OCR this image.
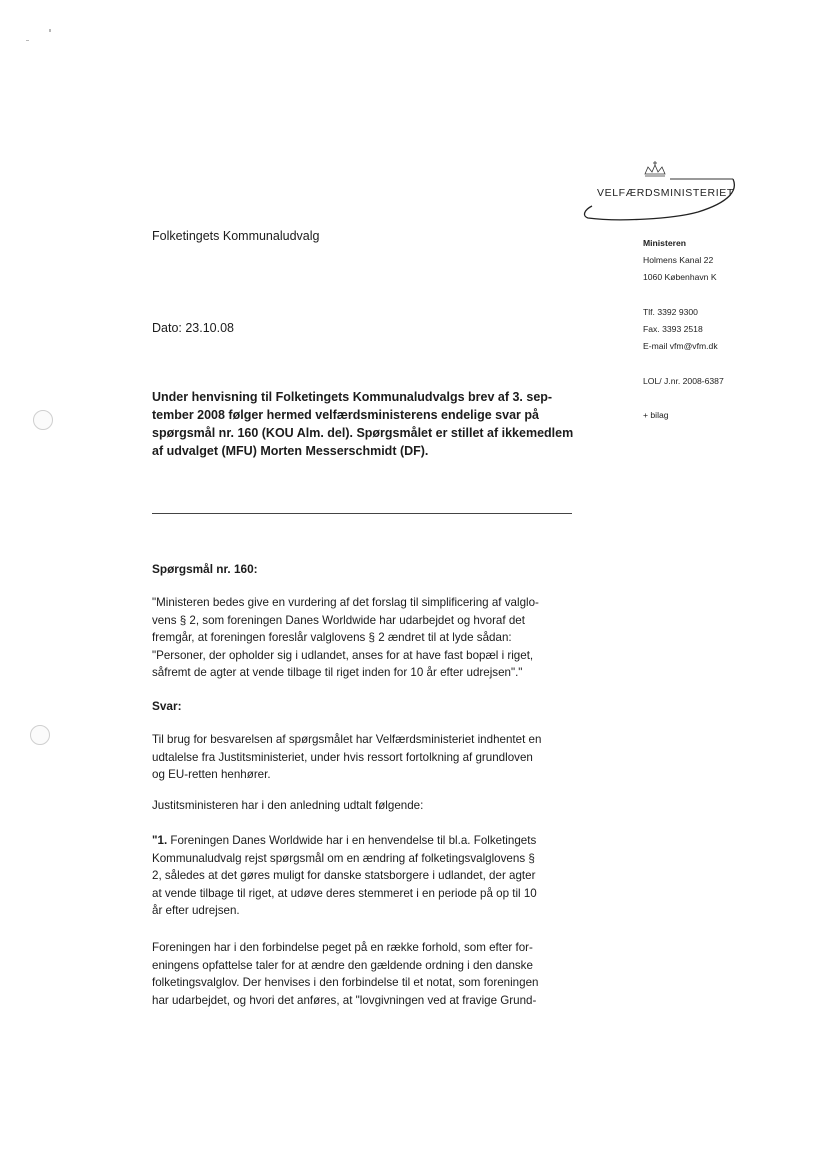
VELFÆRDSMINISTERIET
Folketingets Kommunaludvalg
Dato: 23.10.08
Under henvisning til Folketingets Kommunaludvalgs brev af 3. sep-
tember 2008 følger hermed velfærdsministerens endelige svar på
spørgsmål nr. 160 (KOU Alm. del). Spørgsmålet er stillet af ikkemedlem
af udvalget (MFU) Morten Messerschmidt (DF).
Ministeren
Holmens Kanal 22
1060 København K
Tlf. 3392 9300
Fax. 3393 2518
E-mail vfm@vfm.dk
LOL/ J.nr. 2008-6387
+ bilag
Spørgsmål nr. 160:
"Ministeren bedes give en vurdering af det forslag til simplificering af valglo-
vens § 2, som foreningen Danes Worldwide har udarbejdet og hvoraf det
fremgår, at foreningen foreslår valglovens § 2 ændret til at lyde sådan:
"Personer, der opholder sig i udlandet, anses for at have fast bopæl i riget,
såfremt de agter at vende tilbage til riget inden for 10 år efter udrejsen"."
Svar:
Til brug for besvarelsen af spørgsmålet har Velfærdsministeriet indhentet en
udtalelse fra Justitsministeriet, under hvis ressort fortolkning af grundloven
og EU-retten henhører.
Justitsministeren har i den anledning udtalt følgende:
"1. Foreningen Danes Worldwide har i en henvendelse til bl.a. Folketingets
Kommunaludvalg rejst spørgsmål om en ændring af folketingsvalglovens §
2, således at det gøres muligt for danske statsborgere i udlandet, der agter
at vende tilbage til riget, at udøve deres stemmeret i en periode på op til 10
år efter udrejsen.
Foreningen har i den forbindelse peget på en række forhold, som efter for-
eningens opfattelse taler for at ændre den gældende ordning i den danske
folketingsvalglov. Der henvises i den forbindelse til et notat, som foreningen
har udarbejdet, og hvori det anføres, at "lovgivningen ved at fravige Grund-
